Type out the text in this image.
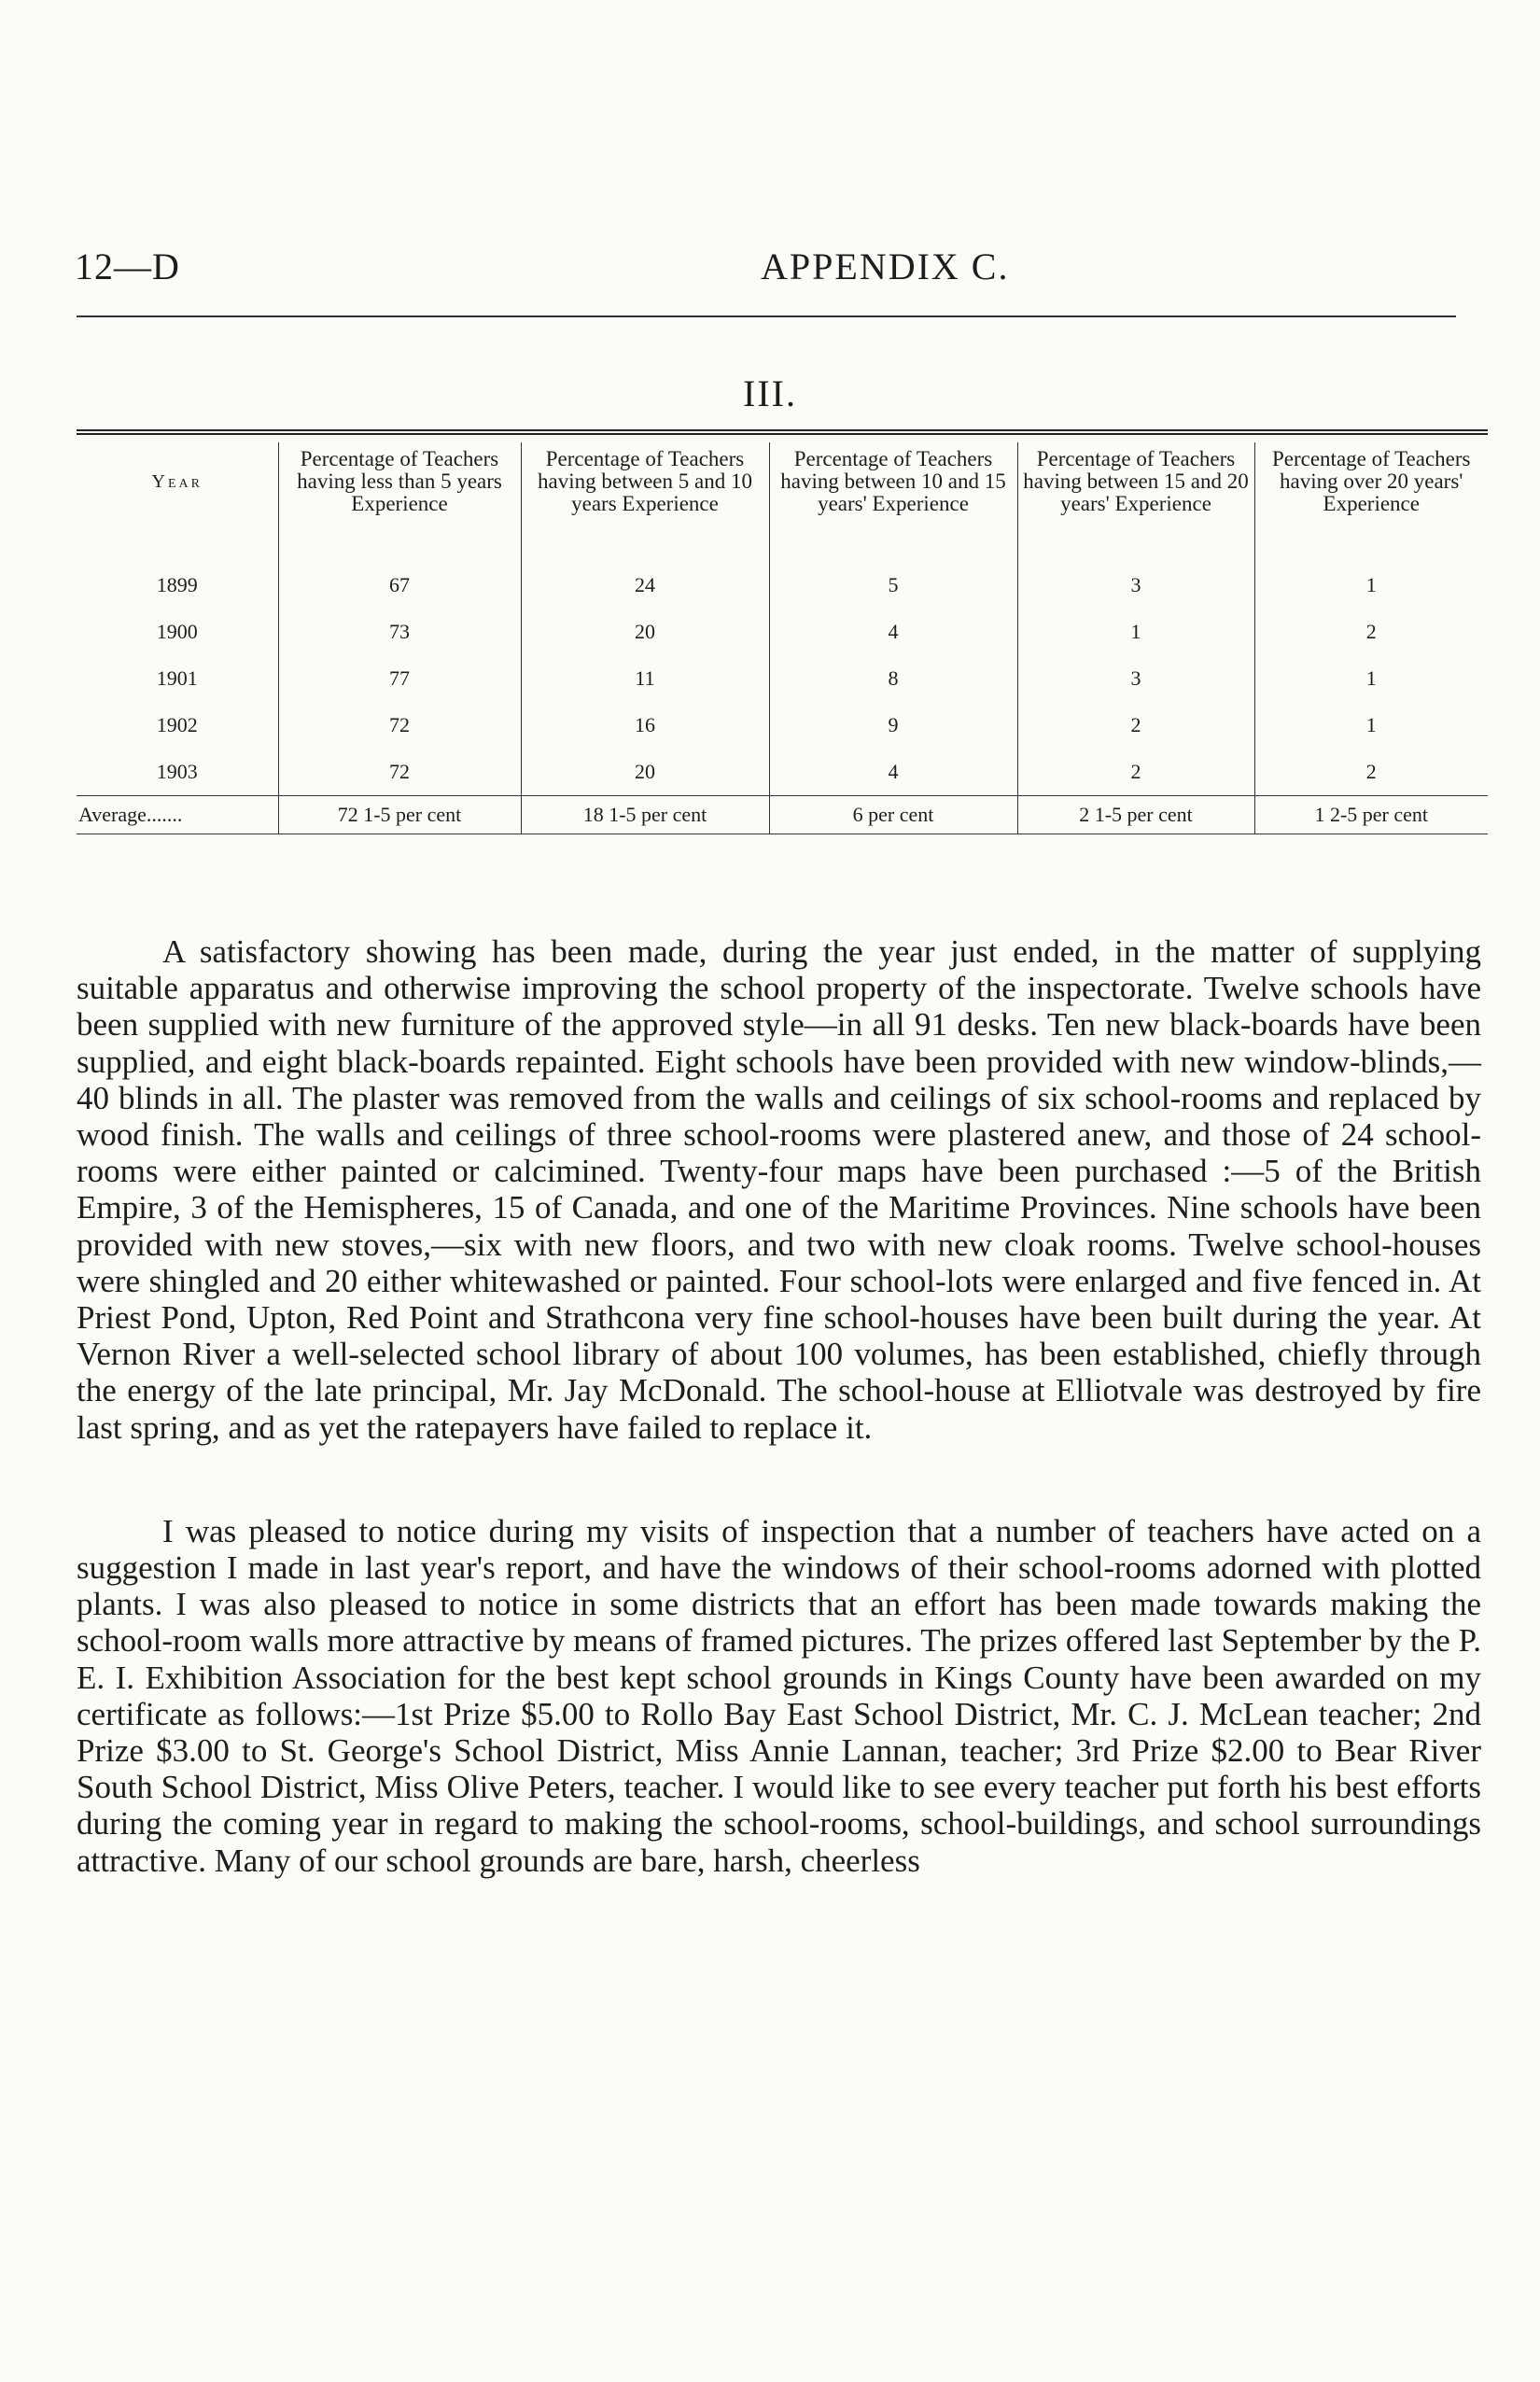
12—D	APPENDIX C.
III.
Year	Percentage of Teachers having less than 5 years Experience	Percentage of Teachers having between 5 and 10 years Experience	Percentage of Teachers having between 10 and 15 years' Experience	Percentage of Teachers having between 15 and 20 years' Experience	Percentage of Teachers having over 20 years' Experience
1899	67	24	5	3	1
1900	73	20	4	1	2
1901	77	11	8	3	1
1902	72	16	9	2	1
1903	72	20	4	2	2
Average.......	72 1-5 per cent	18 1-5 per cent	6 per cent	2 1-5 per cent	1 2-5 per cent

A satisfactory showing has been made, during the year just ended, in the matter of supplying suitable apparatus and otherwise improving the school property of the inspectorate. Twelve schools have been supplied with new furniture of the approved style—in all 91 desks. Ten new black-boards have been supplied, and eight black-boards repainted. Eight schools have been provided with new window-blinds,—40 blinds in all. The plaster was removed from the walls and ceilings of six school-rooms and replaced by wood finish. The walls and ceilings of three school-rooms were plastered anew, and those of 24 school-rooms were either painted or calcimined. Twenty-four maps have been purchased :—5 of the British Empire, 3 of the Hemispheres, 15 of Canada, and one of the Maritime Provinces. Nine schools have been provided with new stoves,—six with new floors, and two with new cloak rooms. Twelve school-houses were shingled and 20 either whitewashed or painted. Four school-lots were enlarged and five fenced in. At Priest Pond, Upton, Red Point and Strathcona very fine school-houses have been built during the year. At Vernon River a well-selected school library of about 100 volumes, has been established, chiefly through the energy of the late principal, Mr. Jay McDonald. The school-house at Elliotvale was destroyed by fire last spring, and as yet the ratepayers have failed to replace it.

I was pleased to notice during my visits of inspection that a number of teachers have acted on a suggestion I made in last year's report, and have the windows of their school-rooms adorned with plotted plants. I was also pleased to notice in some districts that an effort has been made towards making the school-room walls more attractive by means of framed pictures. The prizes offered last September by the P. E. I. Exhibition Association for the best kept school grounds in Kings County have been awarded on my certificate as follows:—1st Prize $5.00 to Rollo Bay East School District, Mr. C. J. McLean teacher; 2nd Prize $3.00 to St. George's School District, Miss Annie Lannan, teacher; 3rd Prize $2.00 to Bear River South School District, Miss Olive Peters, teacher. I would like to see every teacher put forth his best efforts during the coming year in regard to making the school-rooms, school-buildings, and school surroundings attractive. Many of our school grounds are bare, harsh, cheerless
